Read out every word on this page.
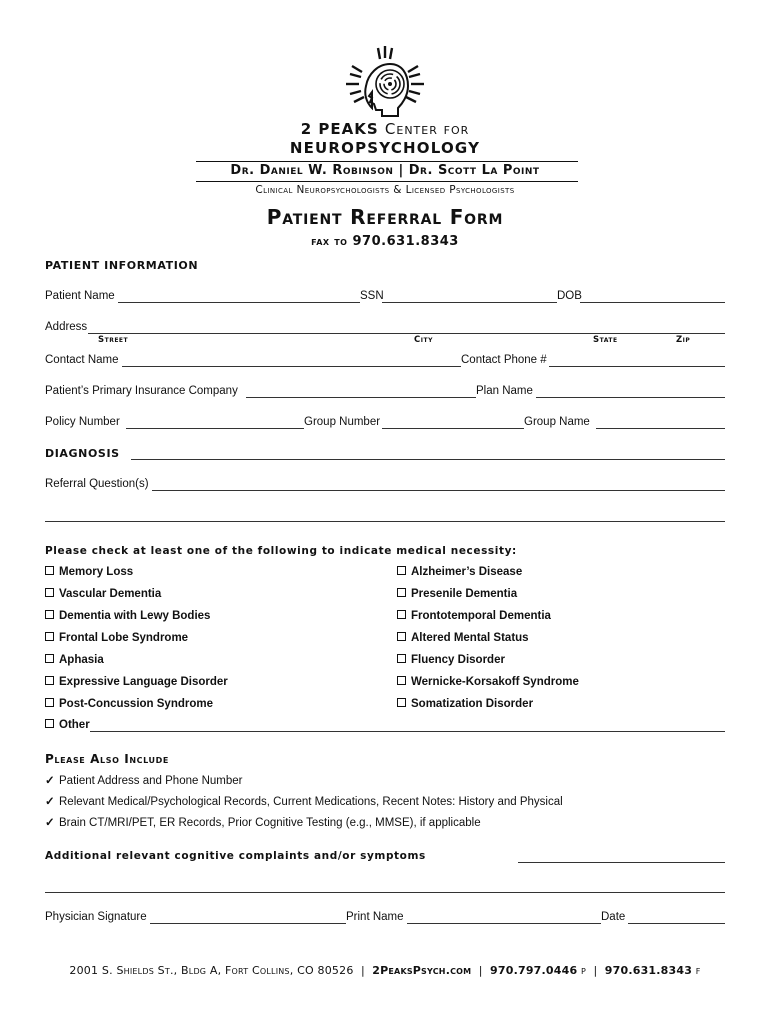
2 PEAKS Center for
NEUROPSYCHOLOGY
Dr. Daniel W. Robinson | Dr. Scott La Point
Clinical Neuropsychologists & Licensed Psychologists
Patient Referral Form
fax to 970.631.8343
PATIENT INFORMATION
Patient Name	SSN	DOB
Address
Street	City	State	Zip
Contact Name	Contact Phone #
Patient’s Primary Insurance Company	Plan Name
Policy Number	Group Number	Group Name
DIAGNOSIS
Referral Question(s)
Please check at least one of the following to indicate medical necessity:
Memory Loss
Vascular Dementia
Dementia with Lewy Bodies
Frontal Lobe Syndrome
Aphasia
Expressive Language Disorder
Post-Concussion Syndrome
Other
Alzheimer’s Disease
Presenile Dementia
Frontotemporal Dementia
Altered Mental Status
Fluency Disorder
Wernicke-Korsakoff Syndrome
Somatization Disorder
Please Also Include
✓ Patient Address and Phone Number
✓ Relevant Medical/Psychological Records, Current Medications, Recent Notes: History and Physical
✓ Brain CT/MRI/PET, ER Records, Prior Cognitive Testing (e.g., MMSE), if applicable
Additional relevant cognitive complaints and/or symptoms
Physician Signature	Print Name	Date
2001 S. Shields St., Bldg A, Fort Collins, CO 80526  |  2PeaksPsych.com  |  970.797.0446 p  |  970.631.8343 f
